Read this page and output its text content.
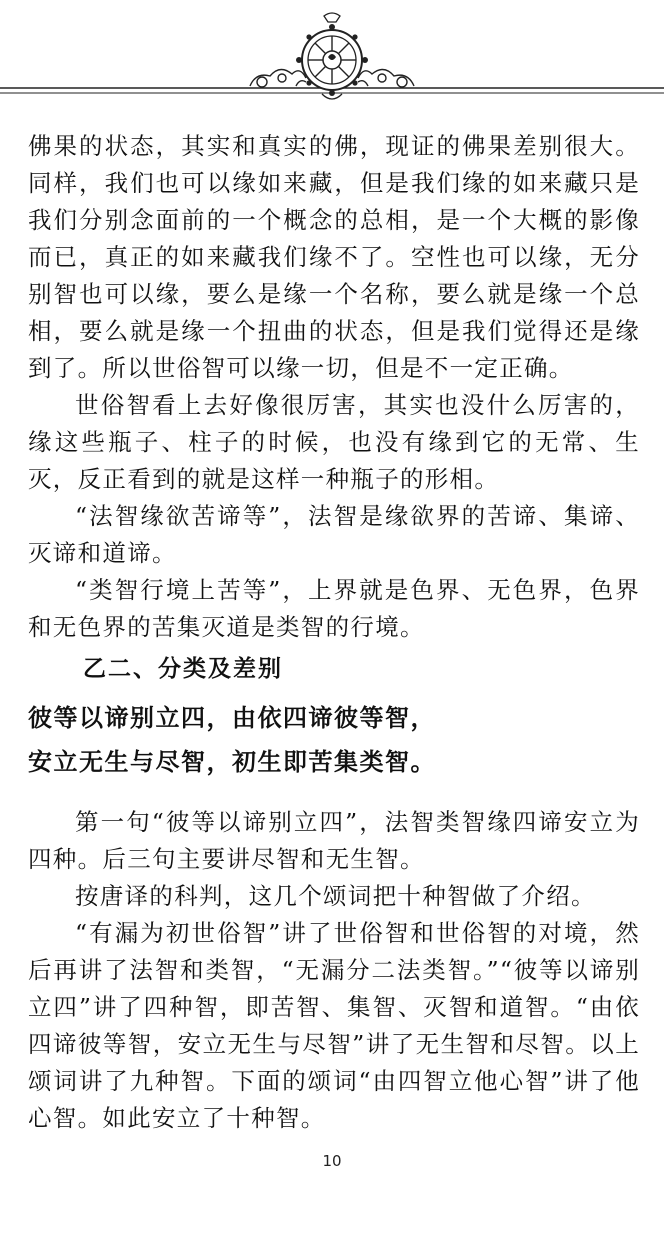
佛果的状态，其实和真实的佛，现证的佛果差别很大。同样，我们也可以缘如来藏，但是我们缘的如来藏只是我们分别念面前的一个概念的总相，是一个大概的影像而已，真正的如来藏我们缘不了。空性也可以缘，无分别智也可以缘，要么是缘一个名称，要么就是缘一个总相，要么就是缘一个扭曲的状态，但是我们觉得还是缘到了。所以世俗智可以缘一切，但是不一定正确。

世俗智看上去好像很厉害，其实也没什么厉害的，缘这些瓶子、柱子的时候，也没有缘到它的无常、生灭，反正看到的就是这样一种瓶子的形相。

“法智缘欲苦谛等”，法智是缘欲界的苦谛、集谛、灭谛和道谛。

“类智行境上苦等”，上界就是色界、无色界，色界和无色界的苦集灭道是类智的行境。

乙二、分类及差别

彼等以谛别立四，由依四谛彼等智，

安立无生与尽智，初生即苦集类智。

第一句“彼等以谛别立四”，法智类智缘四谛安立为四种。后三句主要讲尽智和无生智。

按唐译的科判，这几个颂词把十种智做了介绍。

“有漏为初世俗智”讲了世俗智和世俗智的对境，然后再讲了法智和类智，“无漏分二法类智。”“彼等以谛别立四”讲了四种智，即苦智、集智、灭智和道智。“由依四谛彼等智，安立无生与尽智”讲了无生智和尽智。以上颂词讲了九种智。下面的颂词“由四智立他心智”讲了他心智。如此安立了十种智。

10
